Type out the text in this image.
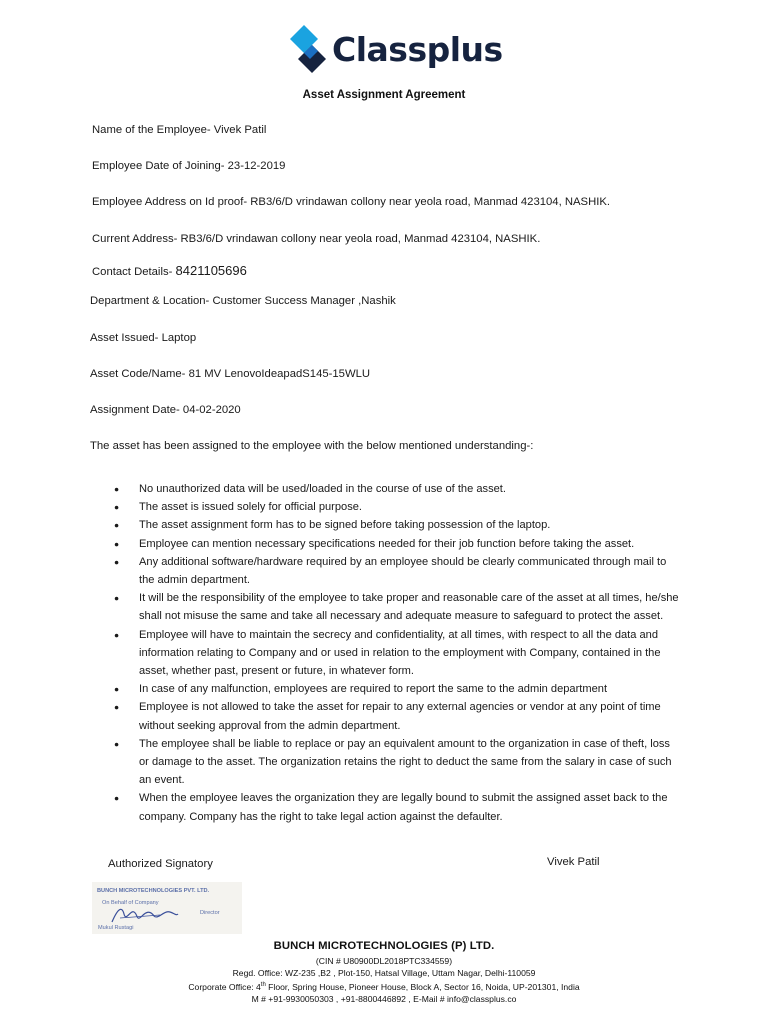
Classplus
Asset Assignment Agreement
Name of the Employee- Vivek Patil
Employee Date of Joining- 23-12-2019
Employee Address on Id proof- RB3/6/D vrindawan collony near yeola road, Manmad 423104, NASHIK.
Current Address- RB3/6/D vrindawan collony near yeola road, Manmad 423104, NASHIK.
Contact Details- 8421105696
Department & Location- Customer Success Manager ,Nashik
Asset Issued- Laptop
Asset Code/Name- 81 MV LenovoIdeapadS145-15WLU
Assignment Date- 04-02-2020
The asset has been assigned to the employee with the below mentioned understanding-:
● No unauthorized data will be used/loaded in the course of use of the asset.
● The asset is issued solely for official purpose.
● The asset assignment form has to be signed before taking possession of the laptop.
● Employee can mention necessary specifications needed for their job function before taking the asset.
● Any additional software/hardware required by an employee should be clearly communicated through mail to the admin department.
● It will be the responsibility of the employee to take proper and reasonable care of the asset at all times, he/she shall not misuse the same and take all necessary and adequate measure to safeguard to protect the asset.
● Employee will have to maintain the secrecy and confidentiality, at all times, with respect to all the data and information relating to Company and or used in relation to the employment with Company, contained in the asset, whether past, present or future, in whatever form.
● In case of any malfunction, employees are required to report the same to the admin department
● Employee is not allowed to take the asset for repair to any external agencies or vendor at any point of time without seeking approval from the admin department.
● The employee shall be liable to replace or pay an equivalent amount to the organization in case of theft, loss or damage to the asset. The organization retains the right to deduct the same from the salary in case of such an event.
● When the employee leaves the organization they are legally bound to submit the assigned asset back to the company. Company has the right to take legal action against the defaulter.
Authorized Signatory	Vivek Patil
BUNCH MICROTECHNOLOGIES PVT. LTD.
On Behalf of Company
Director
Mukul Rustagi
BUNCH MICROTECHNOLOGIES (P) LTD.
(CIN # U80900DL2018PTC334559)
Regd. Office: WZ-235 ,B2 , Plot-150, Hatsal Village, Uttam Nagar, Delhi-110059
Corporate Office: 4th Floor, Spring House, Pioneer House, Block A, Sector 16, Noida, UP-201301, India
M # +91-9930050303 , +91-8800446892 , E-Mail # info@classplus.co
